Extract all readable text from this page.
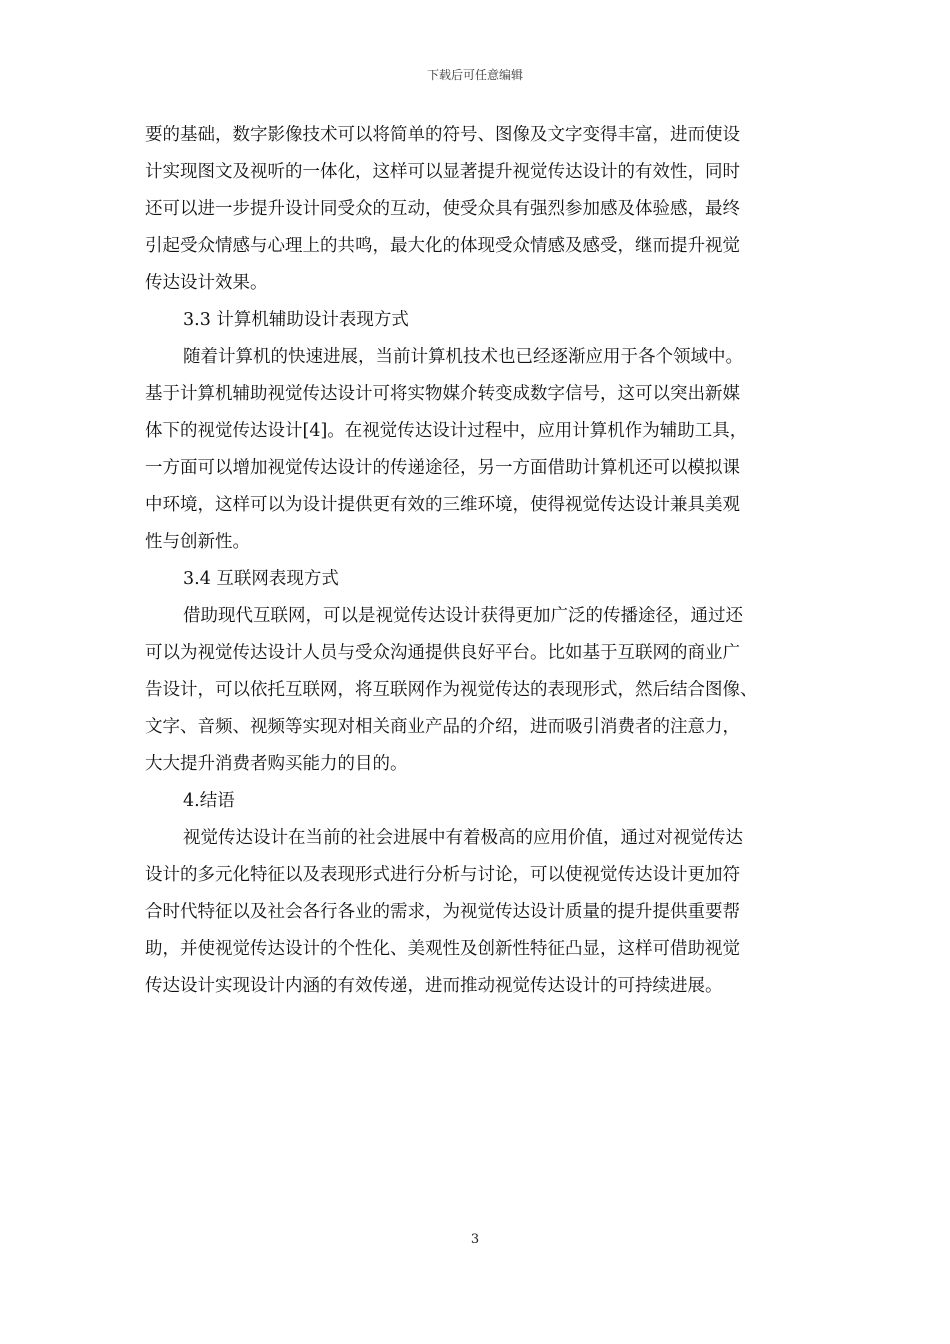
下载后可任意编辑
要的基础，数字影像技术可以将简单的符号、图像及文字变得丰富，进而使设
计实现图文及视听的一体化，这样可以显著提升视觉传达设计的有效性，同时
还可以进一步提升设计同受众的互动，使受众具有强烈参加感及体验感，最终
引起受众情感与心理上的共鸣，最大化的体现受众情感及感受，继而提升视觉
传达设计效果。
3.3 计算机辅助设计表现方式
随着计算机的快速进展，当前计算机技术也已经逐渐应用于各个领域中。
基于计算机辅助视觉传达设计可将实物媒介转变成数字信号，这可以突出新媒
体下的视觉传达设计[4]。在视觉传达设计过程中，应用计算机作为辅助工具，
一方面可以增加视觉传达设计的传递途径，另一方面借助计算机还可以模拟课
中环境，这样可以为设计提供更有效的三维环境，使得视觉传达设计兼具美观
性与创新性。
3.4 互联网表现方式
借助现代互联网，可以是视觉传达设计获得更加广泛的传播途径，通过还
可以为视觉传达设计人员与受众沟通提供良好平台。比如基于互联网的商业广
告设计，可以依托互联网，将互联网作为视觉传达的表现形式，然后结合图像、
文字、音频、视频等实现对相关商业产品的介绍，进而吸引消费者的注意力，
大大提升消费者购买能力的目的。
4.结语
视觉传达设计在当前的社会进展中有着极高的应用价值，通过对视觉传达
设计的多元化特征以及表现形式进行分析与讨论，可以使视觉传达设计更加符
合时代特征以及社会各行各业的需求，为视觉传达设计质量的提升提供重要帮
助，并使视觉传达设计的个性化、美观性及创新性特征凸显，这样可借助视觉
传达设计实现设计内涵的有效传递，进而推动视觉传达设计的可持续进展。
3
